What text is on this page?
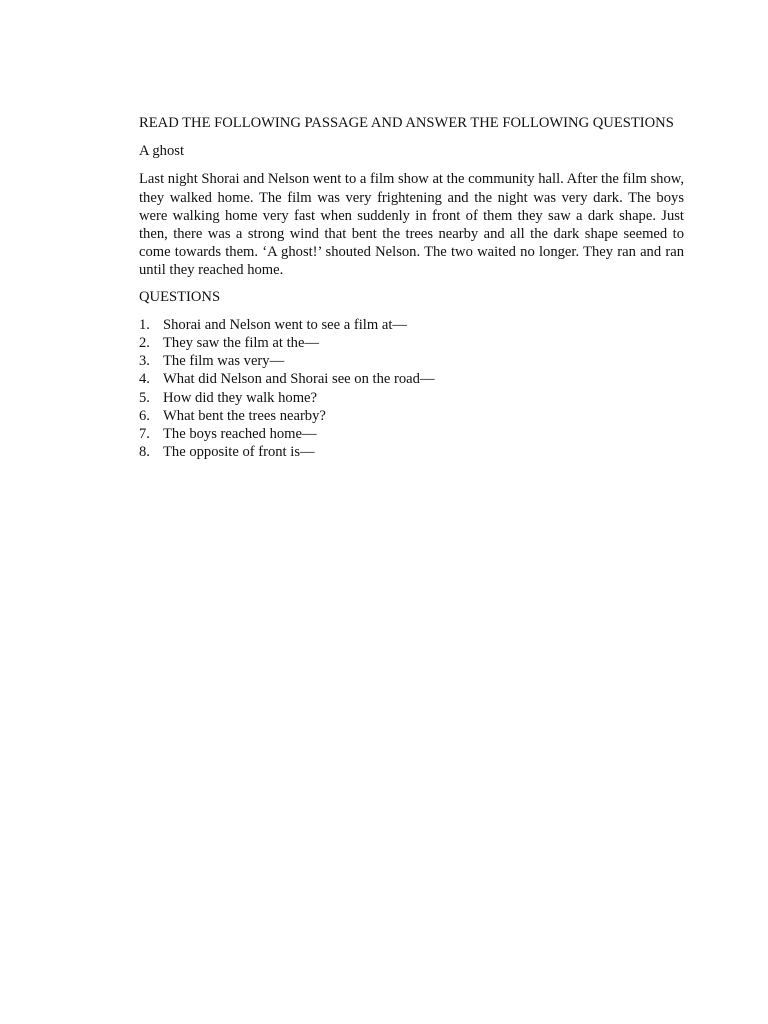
READ THE FOLLOWING PASSAGE AND ANSWER THE FOLLOWING QUESTIONS

A ghost

Last night Shorai and Nelson went to a film show at the community hall. After the film show, they walked home. The film was very frightening and the night was very dark. The boys were walking home very fast when suddenly in front of them they saw a dark shape. Just then, there was a strong wind that bent the trees nearby and all the dark shape seemed to come towards them. ‘A ghost!’ shouted Nelson. The two waited no longer. They ran and ran until they reached home.

QUESTIONS

1. Shorai and Nelson went to see a film at—
2. They saw the film at the—
3. The film was very—
4. What did Nelson and Shorai see on the road—
5. How did they walk home?
6. What bent the trees nearby?
7. The boys reached home—
8. The opposite of front is—
